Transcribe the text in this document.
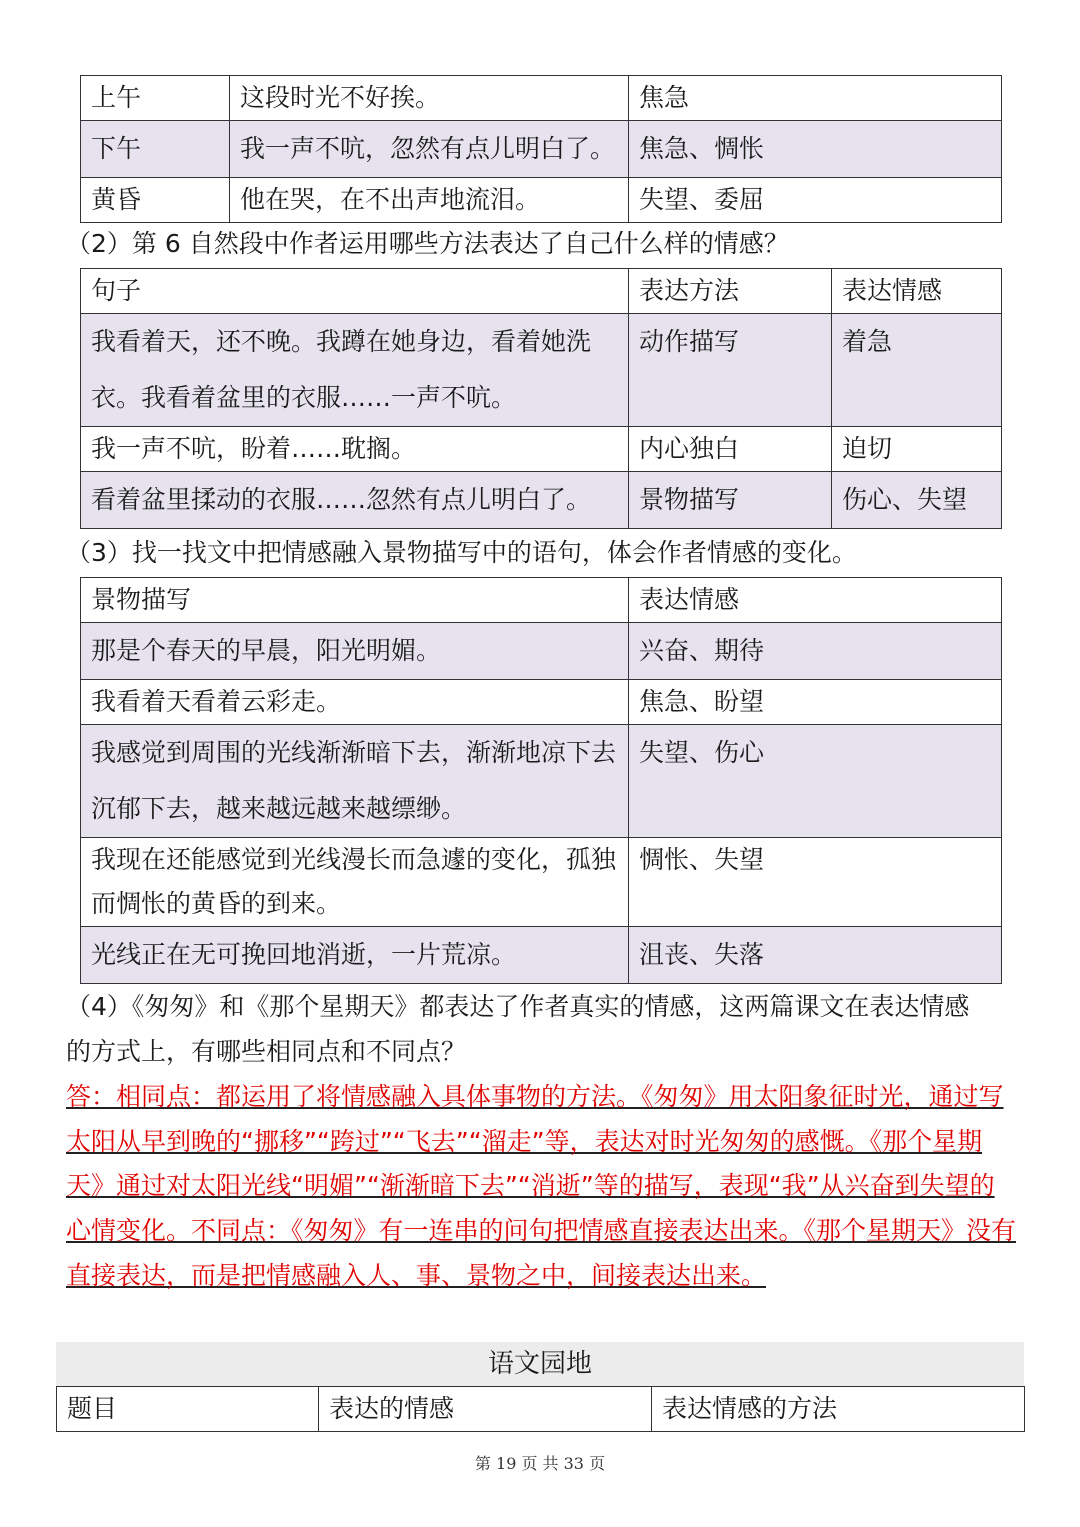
上午	这段时光不好挨。	焦急
下午	我一声不吭，忽然有点儿明白了。	焦急、惆怅
黄昏	他在哭，在不出声地流泪。	失望、委屈
（2）第 6 自然段中作者运用哪些方法表达了自己什么样的情感？
句子	表达方法	表达情感
我看着天，还不晚。我蹲在她身边，看着她洗衣。我看着盆里的衣服……一声不吭。	动作描写	着急
我一声不吭，盼着……耽搁。	内心独白	迫切
看着盆里揉动的衣服……忽然有点儿明白了。	景物描写	伤心、失望
（3）找一找文中把情感融入景物描写中的语句，体会作者情感的变化。
景物描写	表达情感
那是个春天的早晨，阳光明媚。	兴奋、期待
我看着天看着云彩走。	焦急、盼望
我感觉到周围的光线渐渐暗下去，渐渐地凉下去沉郁下去，越来越远越来越缥缈。	失望、伤心
我现在还能感觉到光线漫长而急遽的变化，孤独而惆怅的黄昏的到来。	惆怅、失望
光线正在无可挽回地消逝，一片荒凉。	沮丧、失落
（4）《匆匆》和《那个星期天》都表达了作者真实的情感，这两篇课文在表达情感
的方式上，有哪些相同点和不同点？
答：相同点：都运用了将情感融入具体事物的方法。《匆匆》用太阳象征时光，通过写太阳从早到晚的“挪移”“跨过”“飞去”“溜走”等，表达对时光匆匆的感慨。《那个星期天》通过对太阳光线“明媚”“渐渐暗下去”“消逝”等的描写，表现“我”从兴奋到失望的心情变化。不同点：《匆匆》有一连串的问句把情感直接表达出来。《那个星期天》没有直接表达，而是把情感融入人、事、景物之中，间接表达出来。
语文园地
题目	表达的情感	表达情感的方法
第 19 页 共 33 页
